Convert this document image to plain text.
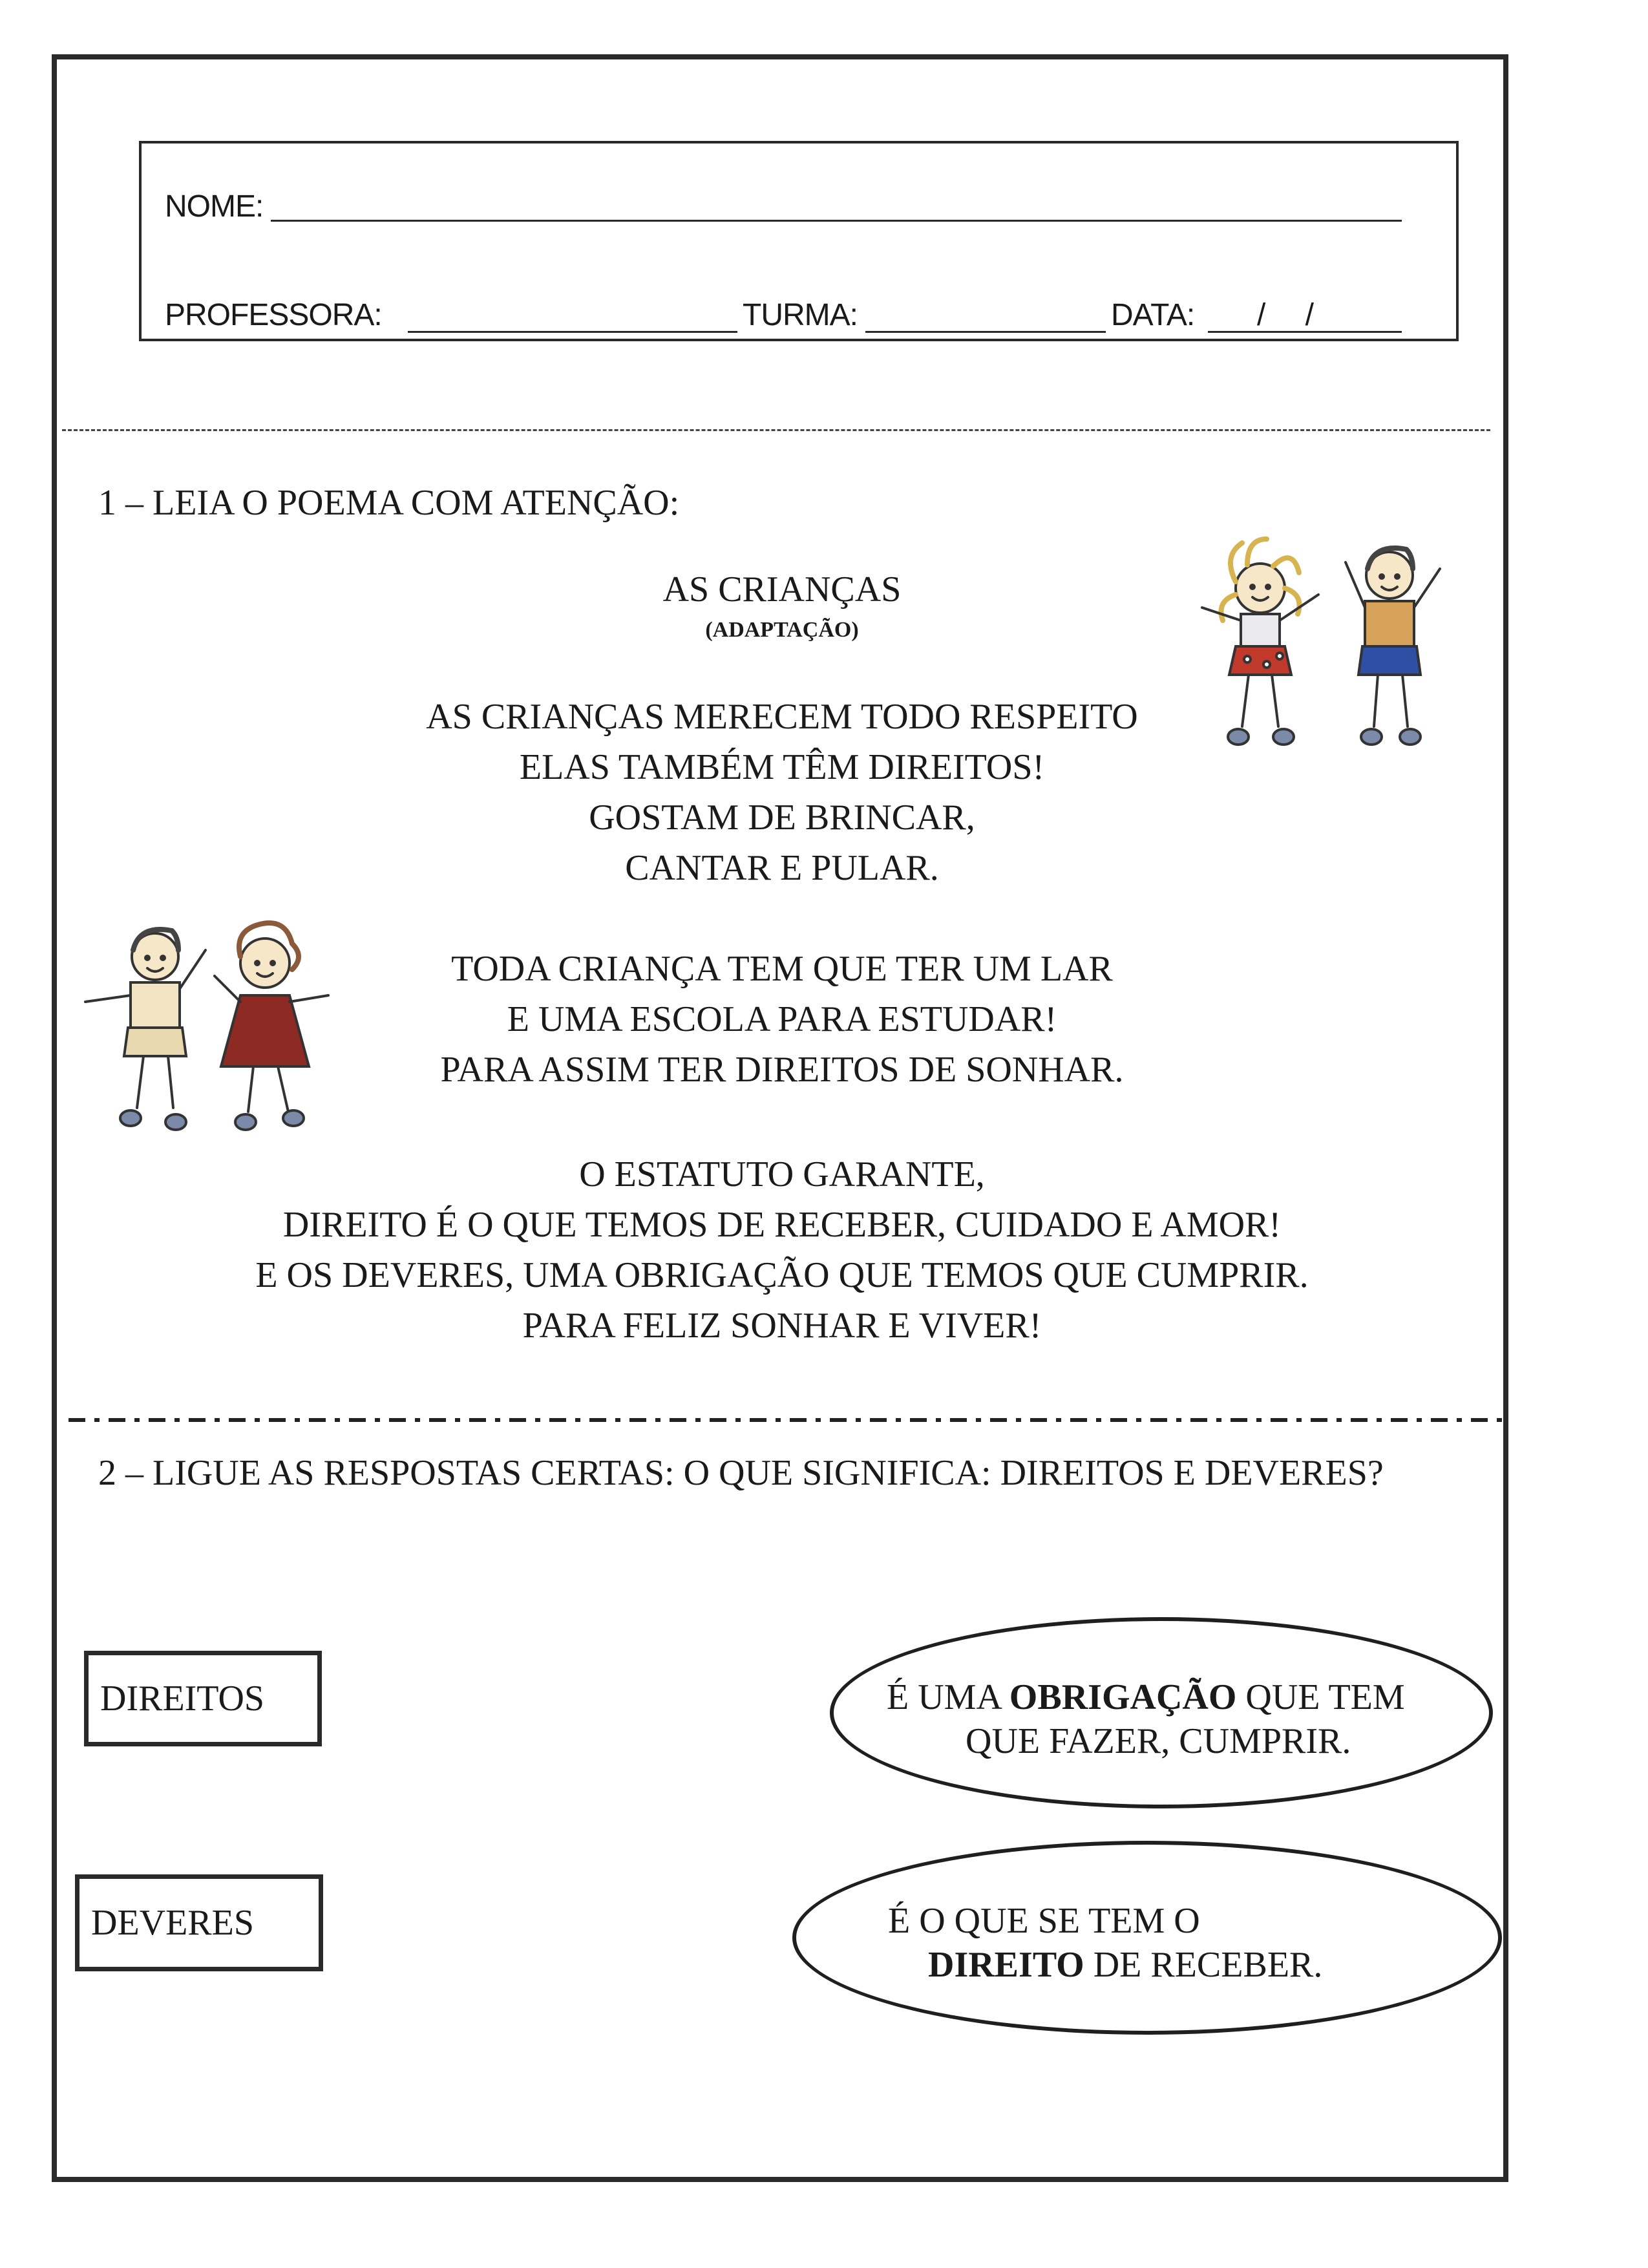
NOME:
PROFESSORA:	TURMA:	DATA: / /
1 – LEIA O POEMA COM ATENÇÃO:
AS CRIANÇAS
(ADAPTAÇÃO)
AS CRIANÇAS MERECEM TODO RESPEITO
ELAS TAMBÉM TÊM DIREITOS!
GOSTAM DE BRINCAR,
CANTAR E PULAR.
TODA CRIANÇA TEM QUE TER UM LAR
E UMA ESCOLA PARA ESTUDAR!
PARA ASSIM TER DIREITOS DE SONHAR.
O ESTATUTO GARANTE,
DIREITO É O QUE TEMOS DE RECEBER, CUIDADO E AMOR!
E OS DEVERES, UMA OBRIGAÇÃO QUE TEMOS QUE CUMPRIR.
PARA FELIZ SONHAR E VIVER!
2 – LIGUE AS RESPOSTAS CERTAS: O QUE SIGNIFICA: DIREITOS E DEVERES?
DIREITOS
DEVERES
É UMA OBRIGAÇÃO QUE TEM
QUE FAZER, CUMPRIR.
É O QUE SE TEM O
DIREITO DE RECEBER.
